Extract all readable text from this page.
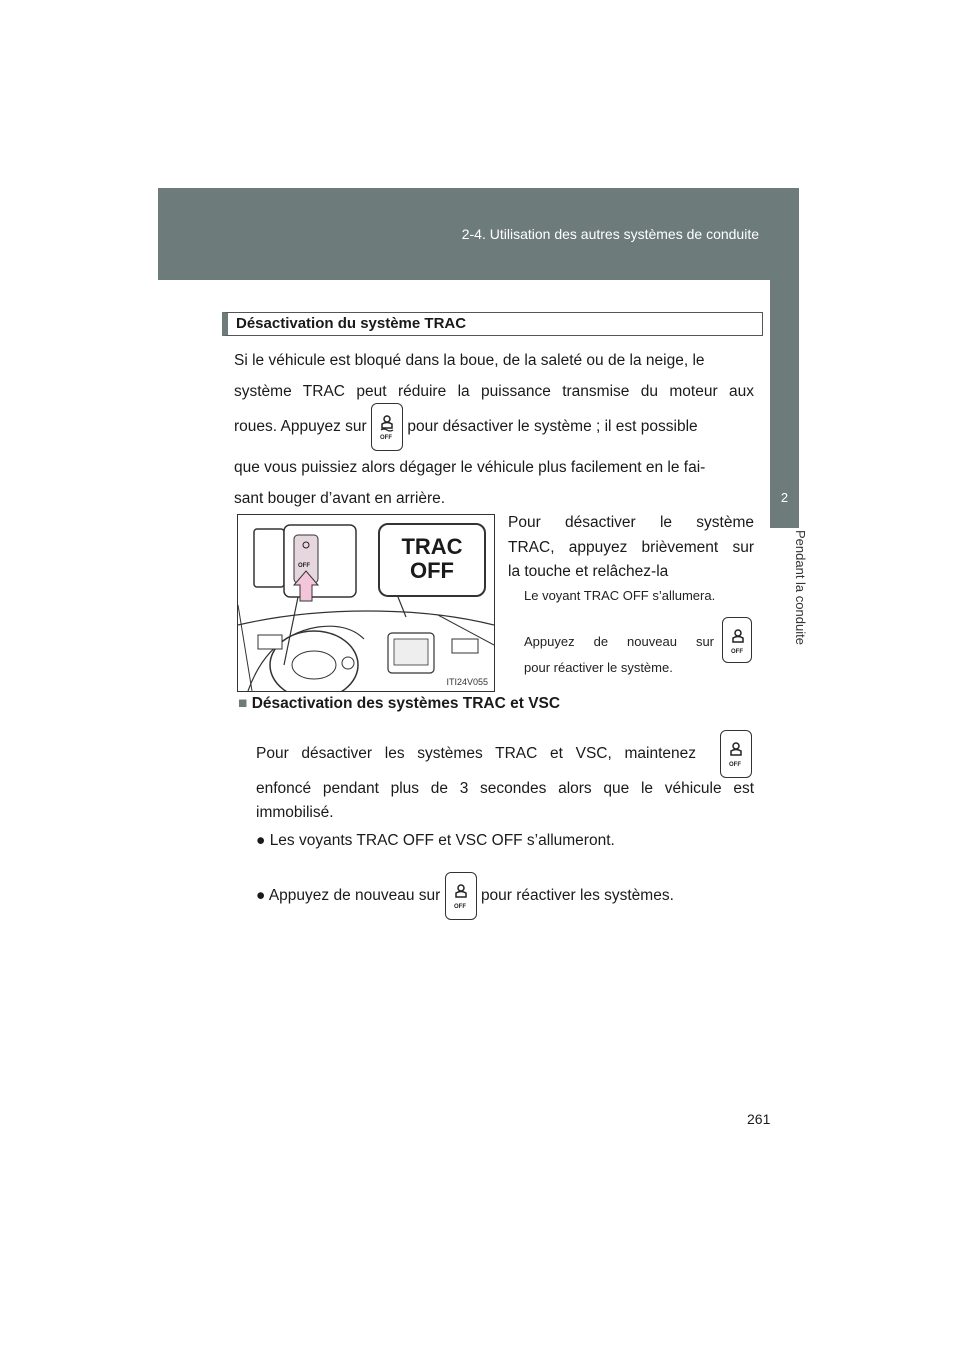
2-4. Utilisation des autres systèmes de conduite
2
Pendant la conduite
Désactivation du système TRAC
Si le véhicule est bloqué dans la boue, de la saleté ou de la neige, le
système TRAC peut réduire la puissance transmise du moteur aux
roues. Appuyez sur
OFF
pour désactiver le système ; il est possible
que vous puissiez alors dégager le véhicule plus facilement en le fai-
sant bouger d’avant en arrière.
OFF
ITI24V055
TRAC
OFF
Pour désactiver le système
TRAC, appuyez brièvement sur
la touche et relâchez-la
Le voyant TRAC OFF s’allumera.
Appuyez de nouveau sur
OFF
pour réactiver le système.
■ Désactivation des systèmes TRAC et VSC
Pour désactiver les systèmes TRAC et VSC, maintenez
OFF
enfoncé pendant plus de 3 secondes alors que le véhicule est
immobilisé.
● Les voyants TRAC OFF et VSC OFF s’allumeront.
● Appuyez de nouveau sur
OFF
pour réactiver les systèmes.
261
